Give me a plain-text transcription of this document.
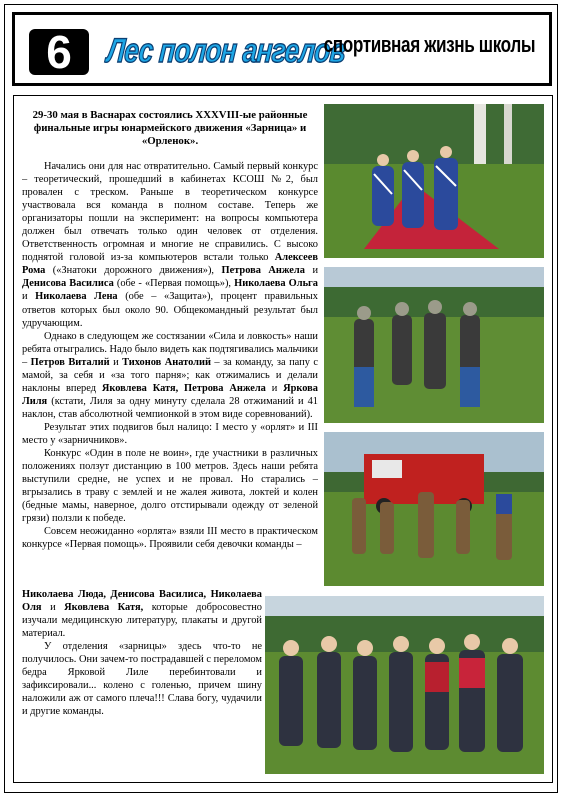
6 Лес полон ангелов
спортивная жизнь школы
29-30 мая в Васнарах состоялись XXXVIII-ые районные финальные игры юнармейского движения «Зарница» и «Орленок».

Начались они для нас отвратительно. Самый первый конкурс – теоретический, прошедший в кабинетах КСОШ №2, был провален с треском. Раньше в теоретическом конкурсе участвовала вся команда в полном составе. Теперь же организаторы пошли на эксперимент: на вопросы компьютера должен был отвечать только один человек от отделения. Ответственность огромная и многие не справились. С высоко поднятой головой из-за компьютеров встали только Алексеев Рома («Знатоки дорожного движения»), Петрова Анжела и Денисова Василиса (обе - «Первая помощь»), Николаева Ольга и Николаева Лена (обе – «Защита»), процент правильных ответов которых был около 90. Общекомандный результат был удручающим.

Однако в следующем же состязании «Сила и ловкость» наши ребята отыгрались. Надо было видеть как подтягивались мальчики – Петров Виталий и Тихонов Анатолий – за команду, за папу с мамой, за себя и «за того парня»; как отжимались и делали наклоны вперед Яковлева Катя, Петрова Анжела и Яркова Лиля (кстати, Лиля за одну минуту сделала 28 отжиманий и 41 наклон, став абсолютной чемпионкой в этом виде соревнований).

Результат этих подвигов был налицо: I место у «орлят» и III место у «зарничников».

Конкурс «Один в поле не воин», где участники в различных положениях ползут дистанцию в 100 метров. Здесь наши ребята выступили средне, не успех и не провал. Но старались – вгрызались в траву с землей и не жалея живота, локтей и колен (бедные мамы, наверное, долго отстирывали одежду от зеленой грязи) ползли к победе.

Совсем неожиданно «орлята» взяли III место в практическом конкурсе «Первая помощь». Проявили себя девочки команды –

Николаева Люда, Денисова Василиса, Николаева Оля и Яковлева Катя, которые добросовестно изучали медицинскую литературу, плакаты и другой материал.

У отделения «зарницы» здесь что-то не получилось. Они зачем-то пострадавшей с переломом бедра Ярковой Лиле перебинтовали и зафиксировали... колено с голенью, причем шину наложили аж от самого плеча!!! Слава богу, чудачили и другие команды.
